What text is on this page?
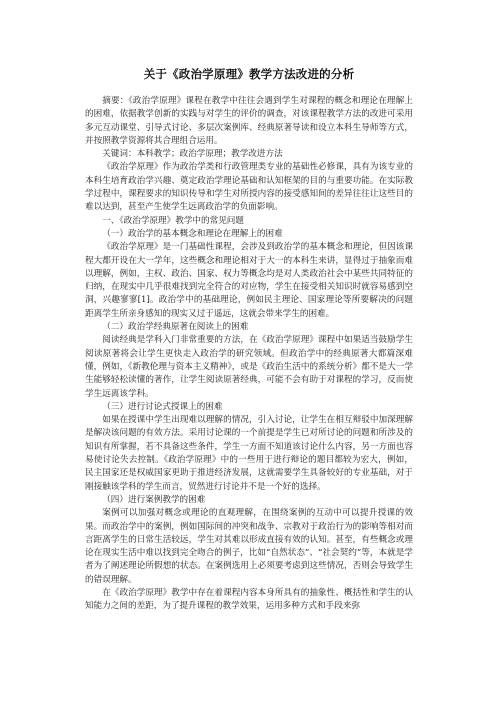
关于《政治学原理》教学方法改进的分析

摘要：《政治学原理》课程在教学中往往会遇到学生对课程的概念和理论在理解上的困难，依据教学创新的实践与对学生的评价的调查，对该课程教学方法的改进可采用多元互动课堂、引导式讨论、多层次案例库、经典原著导读和设立本科生导师等方式，并按照教学资源将其合理组合运用。

关键词：本科教学；政治学原理；教学改进方法

《政治学原理》作为政治学类和行政管理类专业的基础性必修课，具有为该专业的本科生培育政治学兴趣、奠定政治学理论基础和认知框架的目的与重要功能。在实际教学过程中，课程要求的知识传导和学生对所授内容的接受感知间的差异往往让这些目的难以达到，甚至产生使学生远离政治学的负面影响。

一、《政治学原理》教学中的常见问题

（一）政治学的基本概念和理论在理解上的困难

《政治学原理》是一门基础性课程，会涉及到政治学的基本概念和理论，但因该课程大都开设在大一学年，这些概念和理论相对于大一的本科生来讲，显得过于抽象而难以理解，例如，主权、政治、国家、权力等概念均是对人类政治社会中某些共同特征的归纳，在现实中几乎很难找到完全符合的对应物，学生在接受相关知识时就容易感到空洞，兴趣寥寥[1]。政治学中的基础理论，例如民主理论、国家理论等所要解决的问题距离学生所亲身感知的现实又过于遥远，这就会带来学生的困难。

（二）政治学经典原著在阅读上的困难

阅读经典是学科入门非常重要的方法，在《政治学原理》课程中如果适当鼓励学生阅读原著将会让学生更快走入政治学的研究领域。但政治学中的经典原著大都篇深难懂，例如，《新教伦理与资本主义精神》，或是《政治生活中的系统分析》都不是大一学生能够轻松读懂的著作，让学生阅读原著经典，可能不会有助于对课程的学习，反而使学生远离该学科。

（三）进行讨论式授课上的困难

如果在授课中学生出现难以理解的情况，引入讨论，让学生在相互辩驳中加深理解是解决该问题的有效方法。采用讨论课的一个前提是学生已对所讨论的问题和所涉及的知识有所掌握，若不具备这些条件，学生一方面不知道该讨论什么内容，另一方面也容易使讨论失去控制。《政治学原理》中的一些用于进行辩论的题目都较为宏大，例如，民主国家还是权威国家更助于推进经济发展，这就需要学生具备较好的专业基础，对于刚接触该学科的学生而言，贸然进行讨论并不是一个好的选择。

（四）进行案例教学的困难

案例可以加强对概念或理论的直观理解，在围绕案例的互动中可以提升授课的效果。而政治学中的案例，例如国际间的冲突和战争、宗教对于政治行为的影响等相对而言距离学生的日常生活较远，学生对其难以形成直接有效的认知。甚至，有些概念或理论在现实生活中难以找到完全吻合的例子，比如“自然状态”、“社会契约”等，本就是学者为了阐述理论所假想的状态。在案例选用上必须要考虑到这些情况，否则会导致学生的错误理解。

在《政治学原理》教学中存在着课程内容本身所具有的抽象性、概括性和学生的认知能力之间的差距，为了提升课程的教学效果，运用多种方式和手段来弥
